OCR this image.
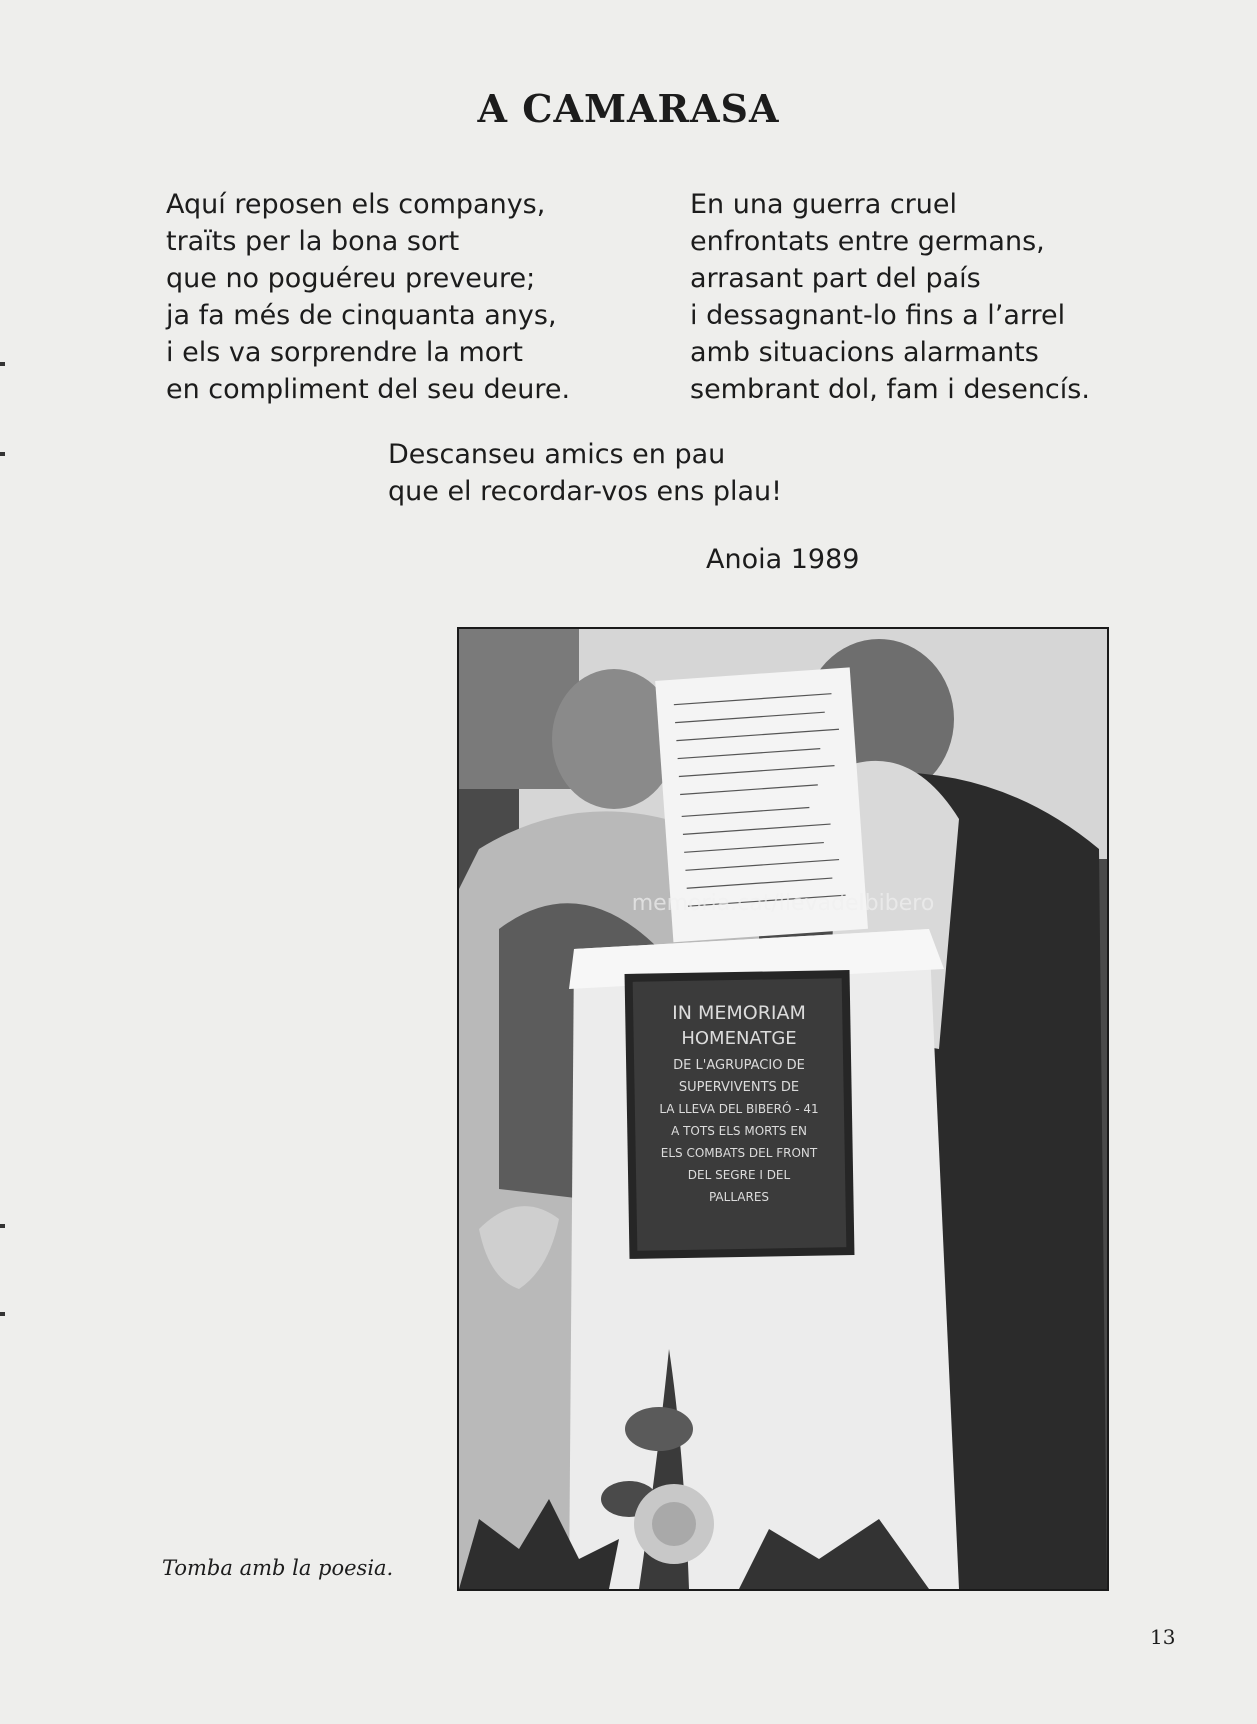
A CAMARASA
Aquí reposen els companys,
traïts per la bona sort
que no poguéreu preveure;
ja fa més de cinquanta anys,
i els va sorprendre la mort
en compliment del seu deure.
En una guerra cruel
enfrontats entre germans,
arrasant part del país
i dessagnant-lo fins a l’arrel
amb situacions alarmants
sembrant dol, fam i desencís.
Descanseu amics en pau
que el recordar-vos ens plau!
Anoia 1989
IN MEMORIAM
HOMENATGE
DE L'AGRUPACIO DE
SUPERVIVENTS DE
LA LLEVA DEL BIBERÓ - 41
A TOTS ELS MORTS EN
ELS COMBATS DEL FRONT
DEL SEGRE I DEL
PALLARES
memoria.cat/llevadelbibero
Tomba amb la poesia.
13
